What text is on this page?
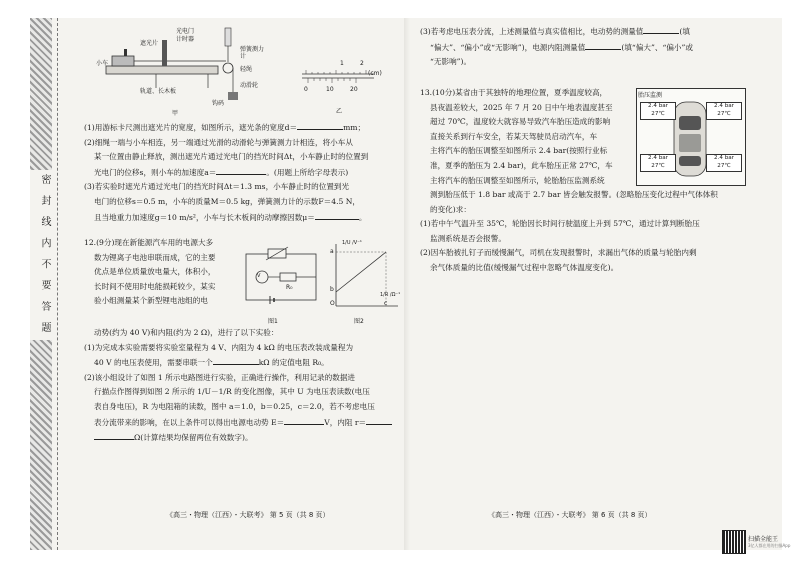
密 封 线 内 不 要 答 题
遮光片
光电门
计时器
弹簧测力计
小车
轻绳
动滑轮
轨道、长木板
钩码
甲
1	2
(cm)
0	10	20
乙

(1)用游标卡尺测出遮光片的宽度，如图所示，遮光条的宽度d＝	mm；

(2)细绳一端与小车相连，另一端通过光滑的动滑轮与弹簧测力计相连，将小车从

某一位置由静止释放，测出遮光片通过光电门的挡光时间Δt，小车静止时的位置到

光电门的位移s，则小车的加速度a＝	。(用题上所给字母表示)

(3)若实验时遮光片通过光电门的挡光时间Δt＝1.3 ms，小车静止时的位置到光

电门的位移s＝0.5 m，小车的质量M＝0.5 kg，弹簧测力计的示数F＝4.5 N，

且当地重力加速度g＝10 m/s²，小车与长木板间的动摩擦因数μ＝	。

12.(9分)现在新能源汽车用的电源大多

数为锂离子电池串联而成，它的主要

优点是单位质量放电量大，体积小，

长时间不使用时电能损耗较少，某实

验小组测量某个新型锂电池组的电

V
R₀
图1
1/U /V⁻¹
1/R /Ω⁻¹
a
b
c
O
图2

动势(约为 40 V)和内阻(约为 2 Ω)，进行了以下实验：

(1)为完成本实验需要将实验室量程为 4 V、内阻为 4 kΩ 的电压表改装成量程为

40 V 的电压表使用，需要串联一个	kΩ 的定值电阻 R₀。

(2)该小组设计了如图 1 所示电路图进行实验，正确进行操作，利用记录的数据进

行描点作图得到如图 2 所示的 1/U－1/R 的变化图像，其中 U 为电压表读数(电压

表自身电压)，R 为电阻箱的读数，图中 a＝1.0，b＝0.25，c＝2.0，若不考虑电压

表分流带来的影响，在以上条件可以得出电源电动势 E＝	V，内阻 r＝

Ω(计算结果均保留两位有效数字)。

《高三・物理（江西）・大联考》 第 5 页（共 8 页）

(3)若考虑电压表分流，上述测量值与真实值相比，电动势的测量值	(填

“偏大”、“偏小”或“无影响”)，电源内阻测量值	(填“偏大”、“偏小”或

“无影响”)。

13.(10分)某省由于其独特的地理位置，夏季温度较高，

县夜温差较大，2025 年 7 月 20 日中午地表温度甚至

超过 70℃，温度较大就容易导致汽车胎压造成的影响

直接关系到行车安全，若某天驾驶员启动汽车，车

主将汽车的胎压调整至如图所示 2.4 bar(按照行业标

准，夏季的胎压为 2.4 bar)，此车胎压正常 27℃，车

主将汽车的胎压调整至如图所示，轮胎胎压监测系统

胎压监测
2.4 bar
27℃
2.4 bar
27℃
2.4 bar
27℃
2.4 bar
27℃

测到胎压低于 1.8 bar 或高于 2.7 bar 皆会触发报警。(忽略胎压变化过程中气体体积

的变化)求：

(1)若中午气温升至 35℃，轮胎因长时间行驶温度上升到 57℃，通过计算判断胎压

监测系统是否会报警。

(2)因车胎被扎钉子而缓慢漏气，司机在发现报警时，求漏出气体的质量与轮胎内剩

余气体质量的比值(缓慢漏气过程中忽略气体温度变化)。

《高三・物理（江西）・大联考》 第 6 页（共 8 页）
扫描全能王
3亿人都在用的扫描App
